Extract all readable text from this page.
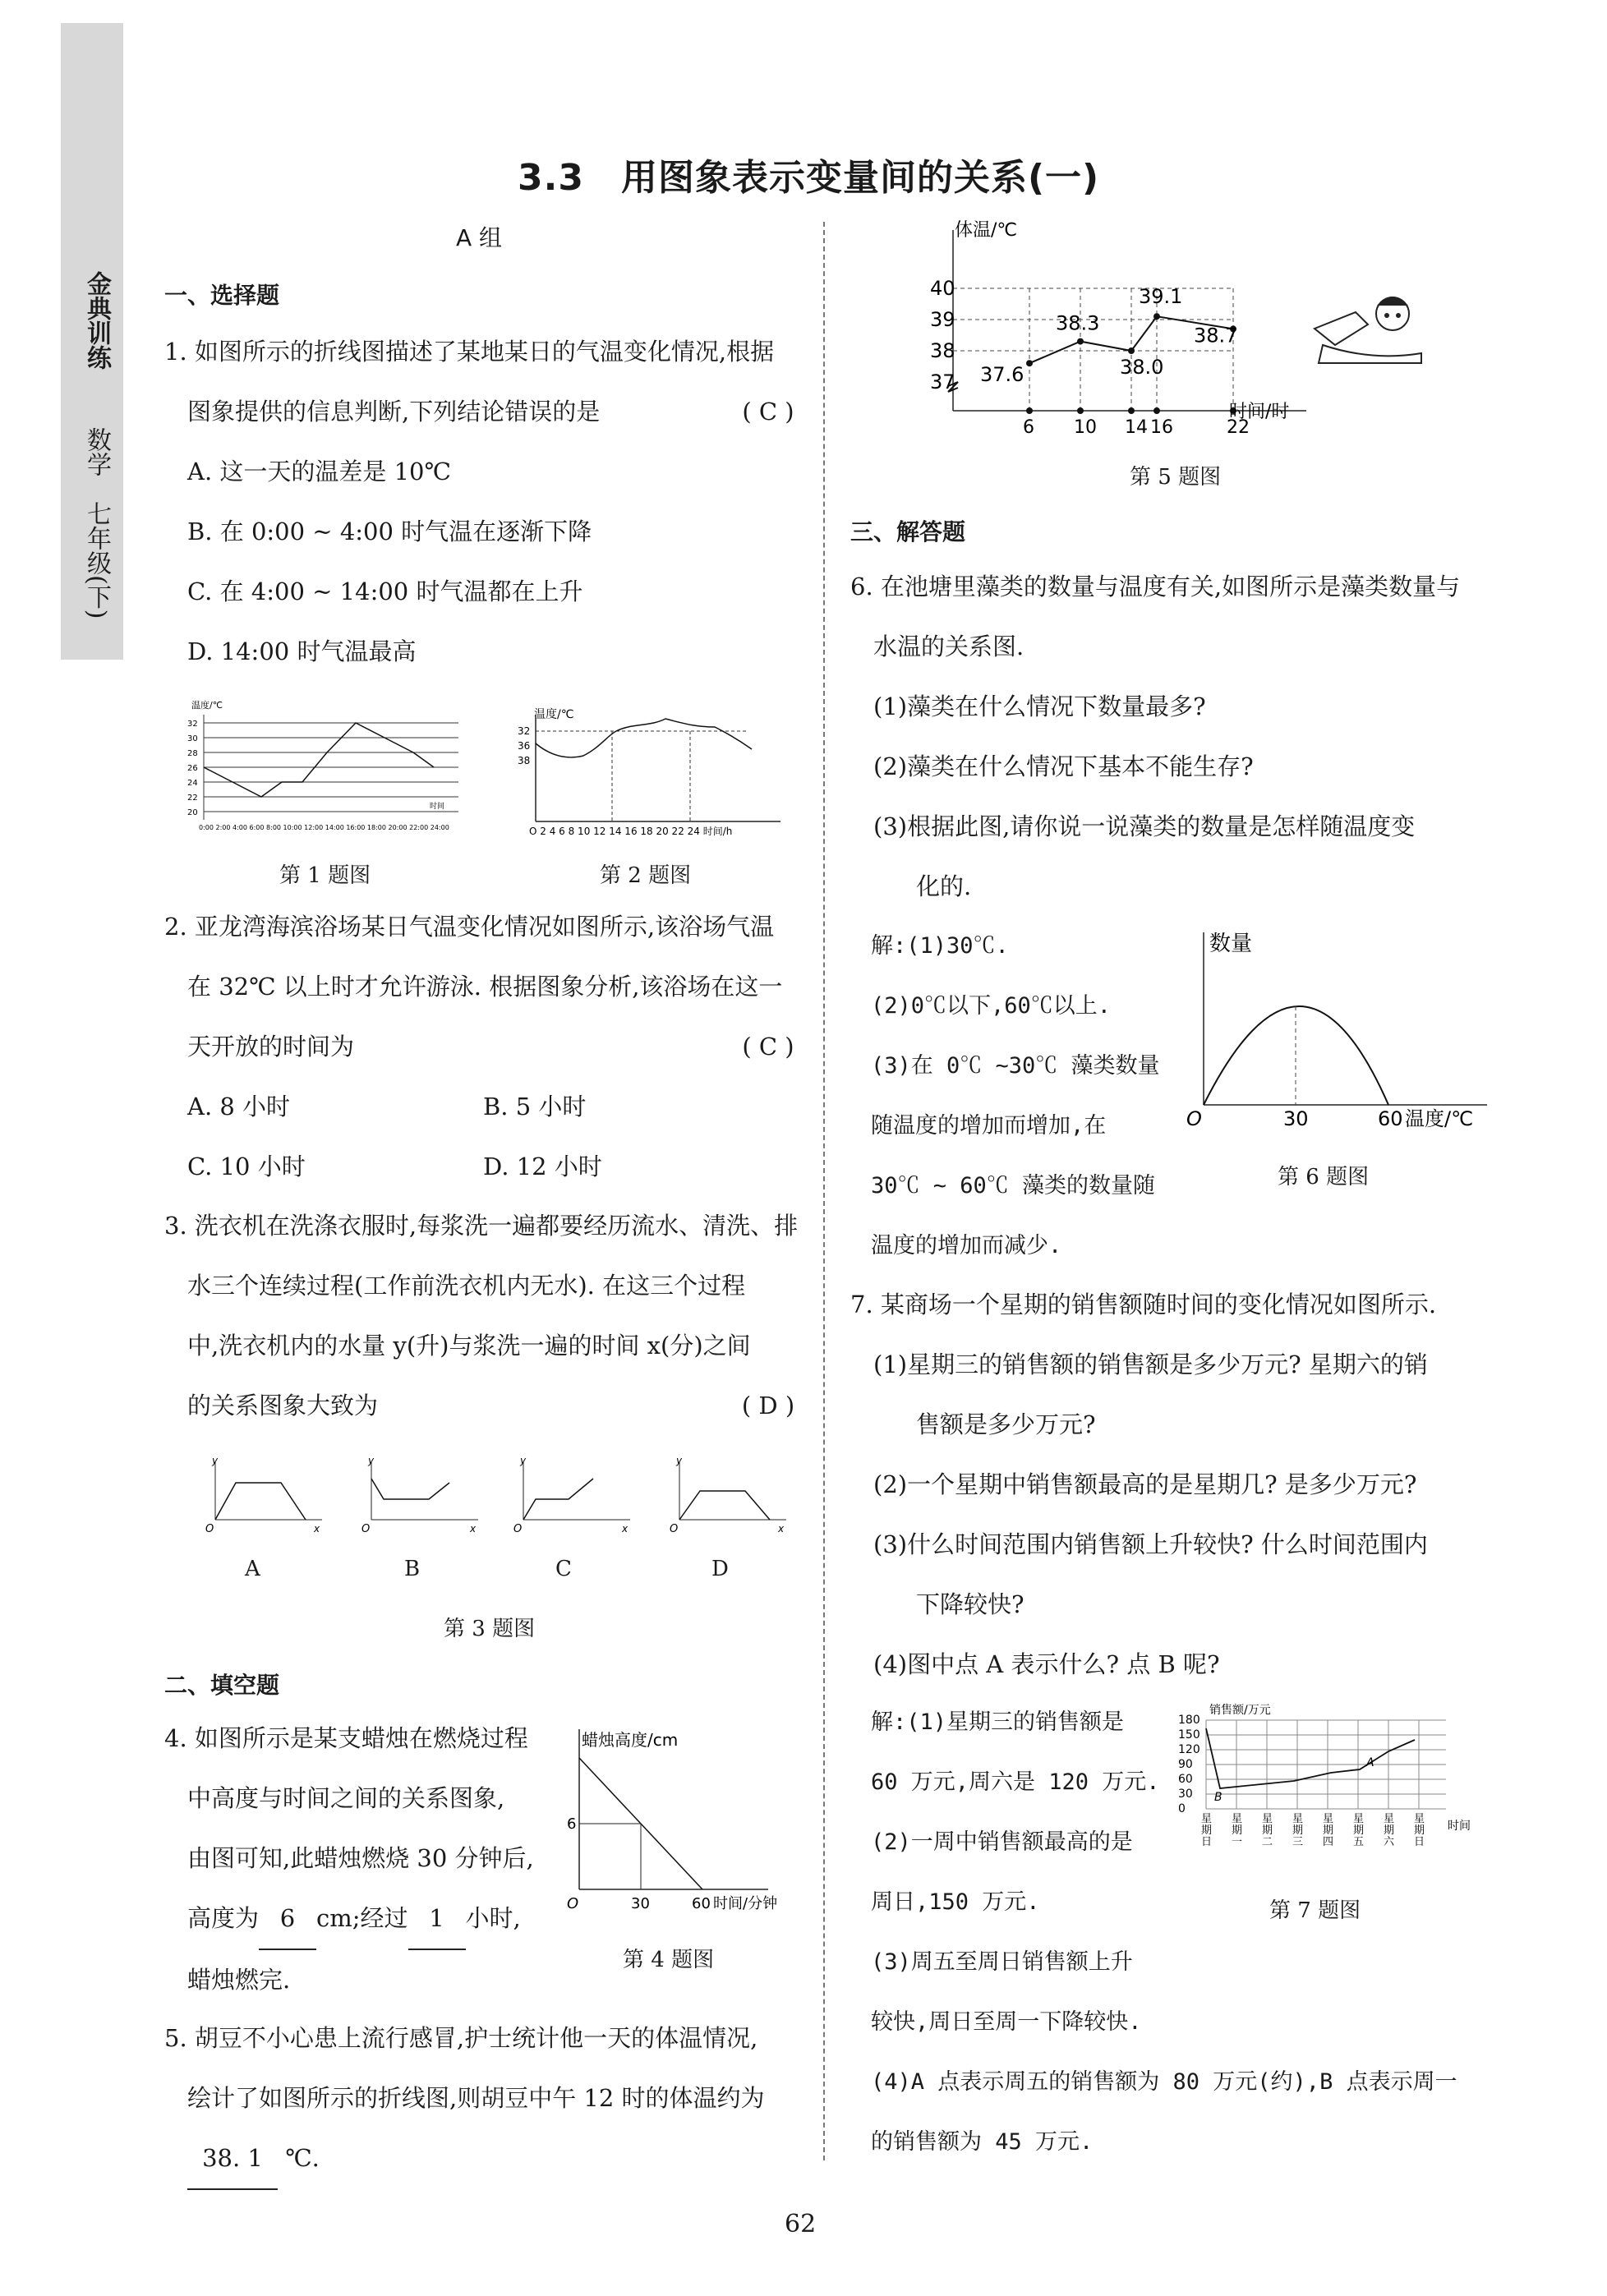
金典训练
数学
七年级(下)
3.3　用图象表示变量间的关系(一)
A 组
一、选择题

1. 如图所示的折线图描述了某地某日的气温变化情况,根据

图象提供的信息判断,下列结论错误的是	( C )

A. 这一天的温差是 10℃

B. 在 0:00 ~ 4:00 时气温在逐渐下降

C. 在 4:00 ~ 14:00 时气温都在上升

D. 14:00 时气温最高

温度/℃
32
30
28
26
24
22
20
时间
0:00 2:00 4:00 6:00 8:00 10:00 12:00 14:00 16:00 18:00 20:00 22:00 24:00
温度/℃
32
36
38
O 2 4 6 8 10 12 14 16 18 20 22 24 时间/h
第 1 题图	第 2 题图

2. 亚龙湾海滨浴场某日气温变化情况如图所示,该浴场气温

在 32℃ 以上时才允许游泳. 根据图象分析,该浴场在这一

天开放的时间为	( C )

A. 8 小时	B. 5 小时

C. 10 小时	D. 12 小时

3. 洗衣机在洗涤衣服时,每浆洗一遍都要经历流水、清洗、排

水三个连续过程(工作前洗衣机内无水). 在这三个过程

中,洗衣机内的水量 y(升)与浆洗一遍的时间 x(分)之间

的关系图象大致为	( D )

O
y
x	O
y
x	O
y
x	O
y
x
A	B	C	D
第 3 题图
二、填空题

4. 如图所示是某支蜡烛在燃烧过程

中高度与时间之间的关系图象,

由图可知,此蜡烛燃烧 30 分钟后,

高度为 6 cm;经过 1 小时,

蜡烛燃完.

蜡烛高度/cm
6
O	30	60 时间/分钟
第 4 题图

5. 胡豆不小心患上流行感冒,护士统计他一天的体温情况,

绘计了如图所示的折线图,则胡豆中午 12 时的体温约为

38. 1 ℃.

体温/℃
40
39
38
37
6 10 14 16	22
37.6
38.3
38.0
39.1
38.7
时间/时
第 5 题图
三、解答题

6. 在池塘里藻类的数量与温度有关,如图所示是藻类数量与

水温的关系图.

(1)藻类在什么情况下数量最多?

(2)藻类在什么情况下基本不能生存?

(3)根据此图,请你说一说藻类的数量是怎样随温度变

化的.

解:(1)30℃.

(2)0℃以下,60℃以上.

(3)在 0℃ ~30℃ 藻类数量

随温度的增加而增加,在

30℃ ~ 60℃ 藻类的数量随

温度的增加而减少.

数量
O	30	60 温度/℃
第 6 题图

7. 某商场一个星期的销售额随时间的变化情况如图所示.

(1)星期三的销售额的销售额是多少万元? 星期六的销

售额是多少万元?

(2)一个星期中销售额最高的是星期几? 是多少万元?

(3)什么时间范围内销售额上升较快? 什么时间范围内

下降较快?

(4)图中点 A 表示什么? 点 B 呢?

解:(1)星期三的销售额是

60 万元,周六是 120 万元.

(2)一周中销售额最高的是

周日,150 万元.

(3)周五至周日销售额上升

较快,周日至周一下降较快.

(4)A 点表示周五的销售额为 80 万元(约),B 点表示周一

的销售额为 45 万元.

销售额/万元
180
150
120
90
60
30
0
星期日
星期一
星期二
星期三
星期四
星期五
星期六
星期日
A
B
时间
第 7 题图
62
